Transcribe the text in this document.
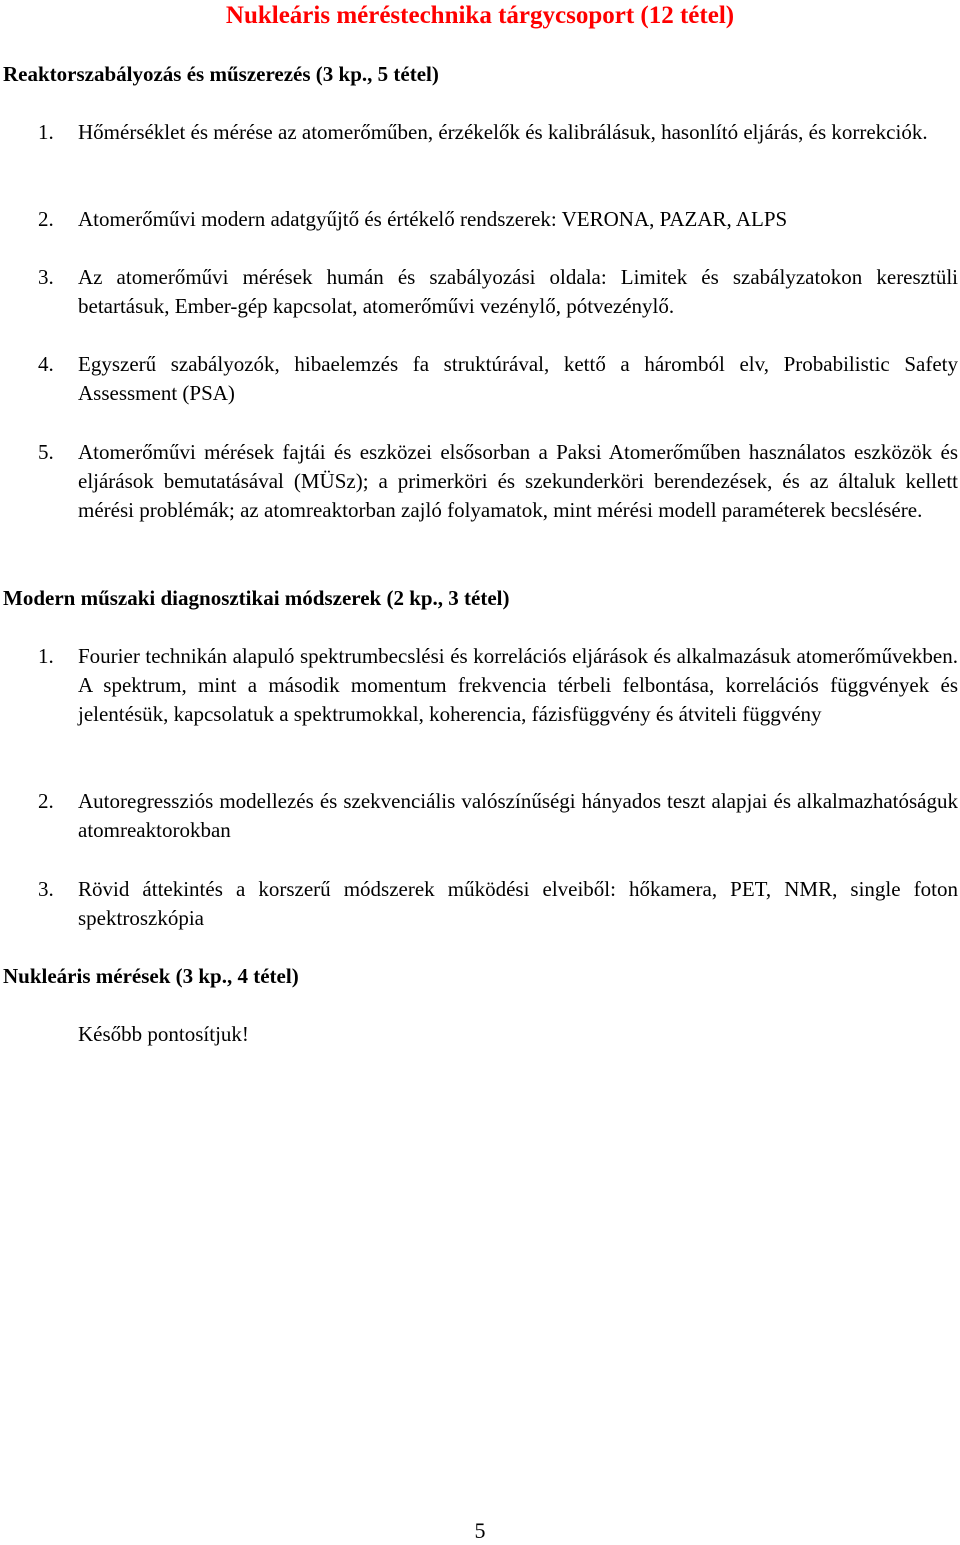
Nukleáris méréstechnika tárgycsoport (12 tétel)
Reaktorszabályozás és műszerezés (3 kp., 5 tétel)
1.	Hőmérséklet és mérése az atomerőműben, érzékelők és kalibrálásuk, hasonlító eljárás, és korrekciók.
2.	Atomerőművi modern adatgyűjtő és értékelő rendszerek: VERONA, PAZAR, ALPS
3.	Az atomerőművi mérések humán és szabályozási oldala: Limitek és szabályzatokon keresztüli betartásuk, Ember-gép kapcsolat, atomerőművi vezénylő, pótvezénylő.
4.	Egyszerű szabályozók, hibaelemzés fa struktúrával, kettő a háromból elv, Probabilistic Safety Assessment (PSA)
5.	Atomerőművi mérések fajtái és eszközei elsősorban a Paksi Atomerőműben használatos eszközök és eljárások bemutatásával (MÜSz); a primerköri és szekunderköri berendezések, és az általuk kellett mérési problémák; az atomreaktorban zajló folyamatok, mint mérési modell paraméterek becslésére.
Modern műszaki diagnosztikai módszerek (2 kp., 3 tétel)
1.	Fourier technikán alapuló spektrumbecslési és korrelációs eljárások és alkalmazásuk atomerőművekben. A spektrum, mint a második momentum frekvencia térbeli felbontása, korrelációs függvények és jelentésük, kapcsolatuk a spektrumokkal, koherencia, fázisfüggvény és átviteli függvény
2.	Autoregressziós modellezés és szekvenciális valószínűségi hányados teszt alapjai és alkalmazhatóságuk atomreaktorokban
3.	Rövid áttekintés a korszerű módszerek működési elveiből: hőkamera, PET, NMR, single foton spektroszkópia
Nukleáris mérések (3 kp., 4 tétel)
Később pontosítjuk!
5
